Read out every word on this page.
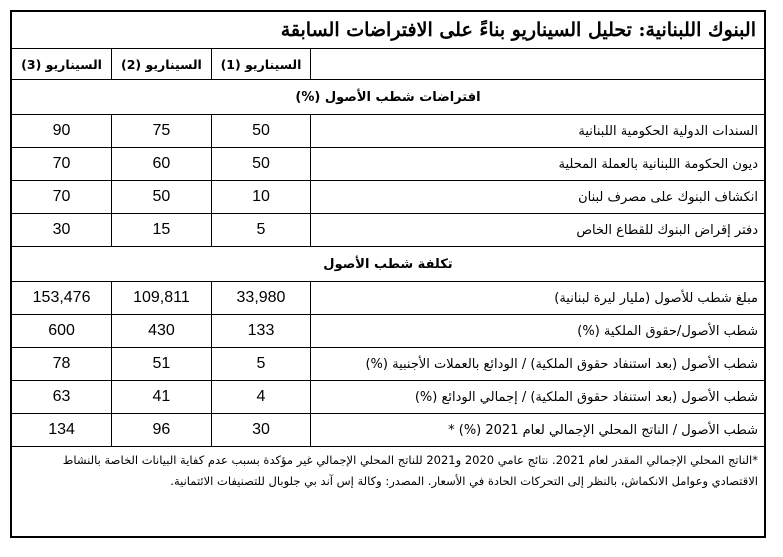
البنوك اللبنانية: تحليل السيناريو بناءً على الافتراضات السابقة
	السيناريو (1)	السيناريو (2)	السيناريو (3)
افتراضات شطب الأصول (%)			
السندات الدولية الحكومية اللبنانية	50	75	90
ديون الحكومة اللبنانية بالعملة المحلية	50	60	70
انكشاف البنوك على مصرف لبنان	10	50	70
دفتر إقراض البنوك للقطاع الخاص	5	15	30
تكلفة شطب الأصول			
مبلغ شطب للأصول (مليار ليرة لبنانية)	33,980	109,811	153,476
شطب الأصول/حقوق الملكية (%)	133	430	600
شطب الأصول (بعد استنفاد حقوق الملكية) / الودائع بالعملات الأجنبية (%)	5	51	78
شطب الأصول (بعد استنفاد حقوق الملكية) / إجمالي الودائع (%)	4	41	63
شطب الأصول / الناتج المحلي الإجمالي لعام 2021 (%) *	30	96	134
*الناتج المحلي الإجمالي المقدر لعام 2021. نتائج عامي 2020 و2021 للناتج المحلي الإجمالي غير مؤكدة بسبب عدم كفاية البيانات الخاصة بالنشاط الاقتصادي وعوامل الانكماش، بالنظر إلى التحركات الحادة في الأسعار. المصدر: وكالة إس آند بي جلوبال للتصنيفات الائتمانية.
